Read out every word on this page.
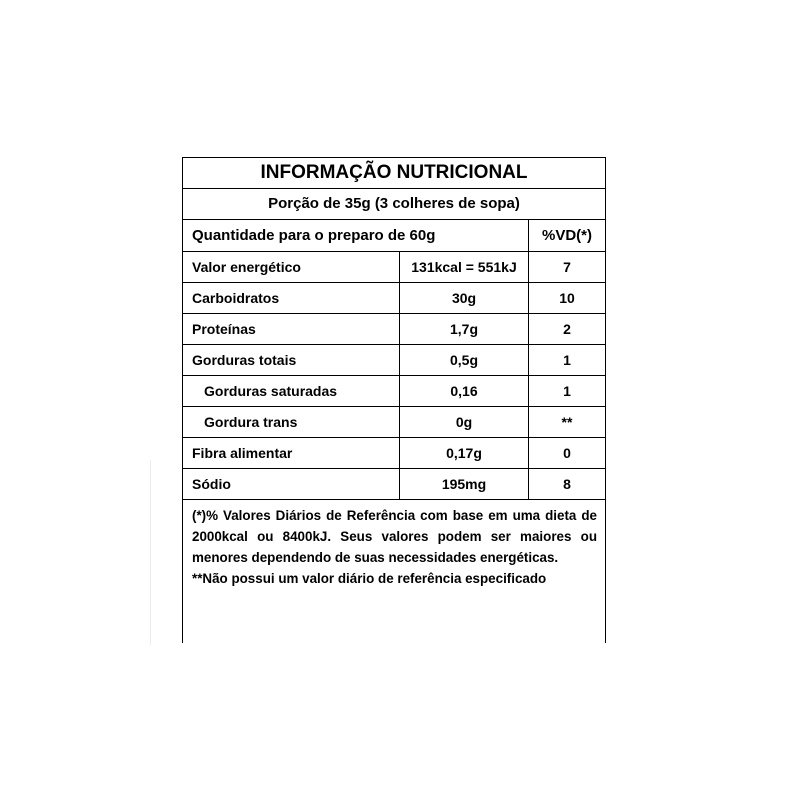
INFORMAÇÃO NUTRICIONAL
Porção de 35g (3 colheres de sopa)
Quantidade para o preparo de 60g	%VD(*)
Valor energético	131kcal = 551kJ	7
Carboidratos	30g	10
Proteínas	1,7g	2
Gorduras totais	0,5g	1
Gorduras saturadas	0,16	1
Gordura trans	0g	**
Fibra alimentar	0,17g	0
Sódio	195mg	8

(*)% Valores Diários de Referência com base em uma dieta de 2000kcal ou 8400kJ. Seus valores podem ser maiores ou menores dependendo de suas necessidades energéticas.

**Não possui um valor diário de referência especificado
